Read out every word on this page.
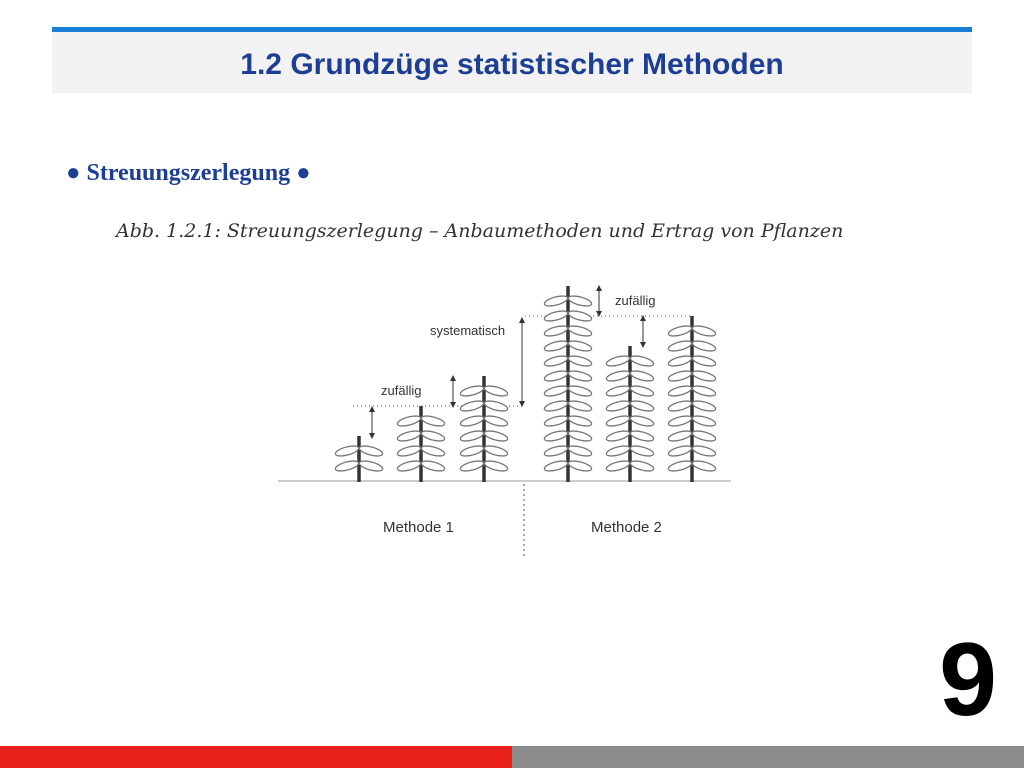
1.2 Grundzüge statistischer Methoden
● Streuungszerlegung ●
Abb. 1.2.1: Streuungszerlegung – Anbaumethoden und Ertrag von Pflanzen
zufällig
systematisch
zufällig
Methode 1	Methode 2
9
